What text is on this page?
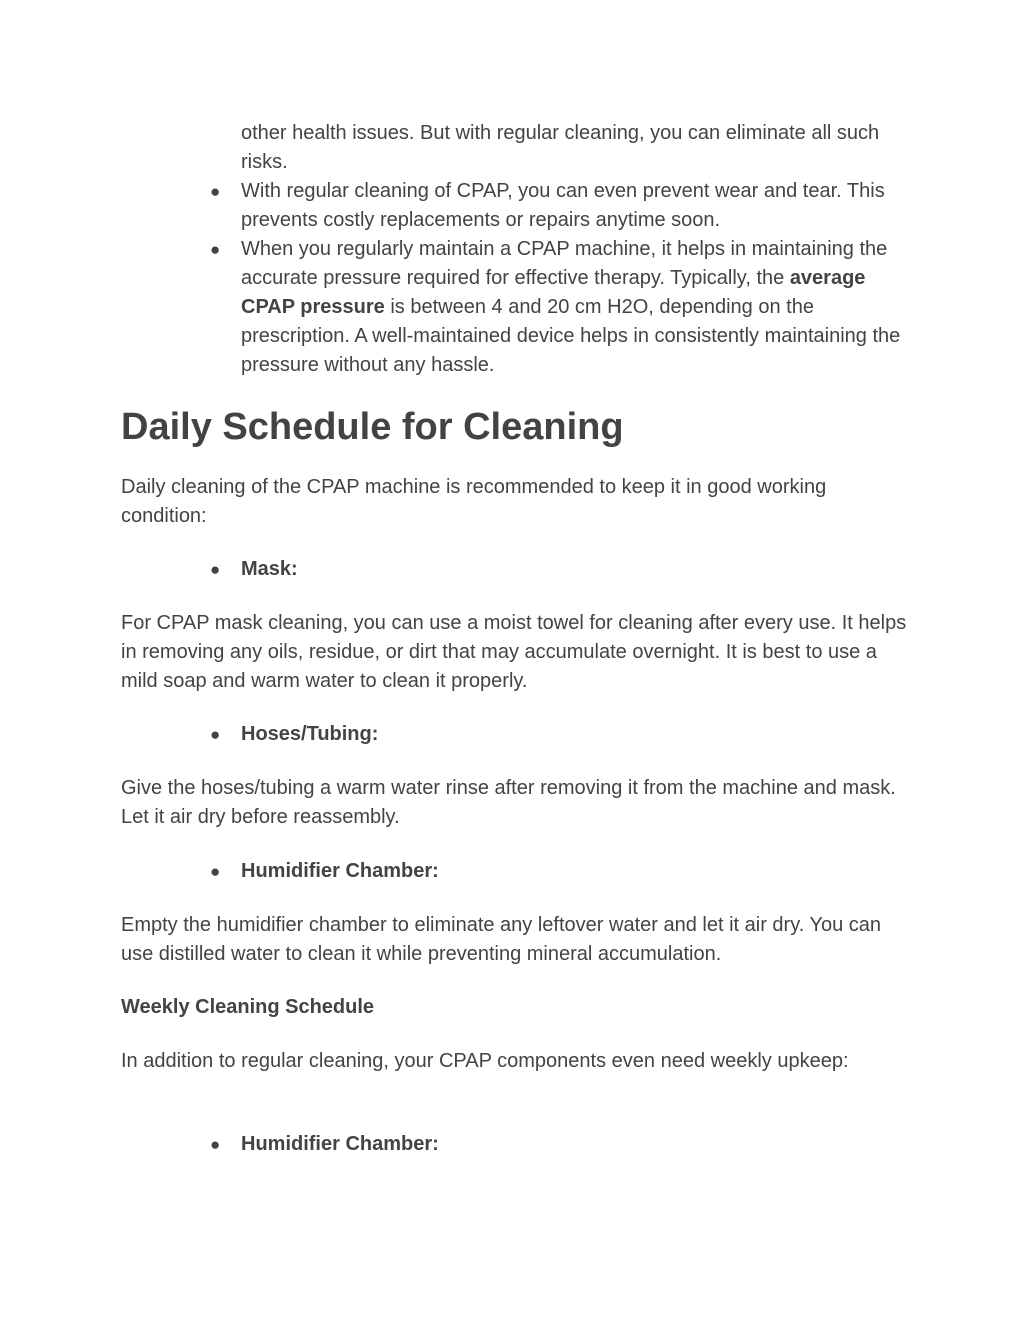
other health issues. But with regular cleaning, you can eliminate all such risks.
● With regular cleaning of CPAP, you can even prevent wear and tear. This prevents costly replacements or repairs anytime soon.
● When you regularly maintain a CPAP machine, it helps in maintaining the accurate pressure required for effective therapy. Typically, the average CPAP pressure is between 4 and 20 cm H2O, depending on the prescription. A well-maintained device helps in consistently maintaining the pressure without any hassle.
Daily Schedule for Cleaning

Daily cleaning of the CPAP machine is recommended to keep it in good working condition:

● Mask:

For CPAP mask cleaning, you can use a moist towel for cleaning after every use. It helps in removing any oils, residue, or dirt that may accumulate overnight. It is best to use a mild soap and warm water to clean it properly.

● Hoses/Tubing:

Give the hoses/tubing a warm water rinse after removing it from the machine and mask. Let it air dry before reassembly.

● Humidifier Chamber:

Empty the humidifier chamber to eliminate any leftover water and let it air dry. You can use distilled water to clean it while preventing mineral accumulation.

Weekly Cleaning Schedule

In addition to regular cleaning, your CPAP components even need weekly upkeep:

● Humidifier Chamber:
